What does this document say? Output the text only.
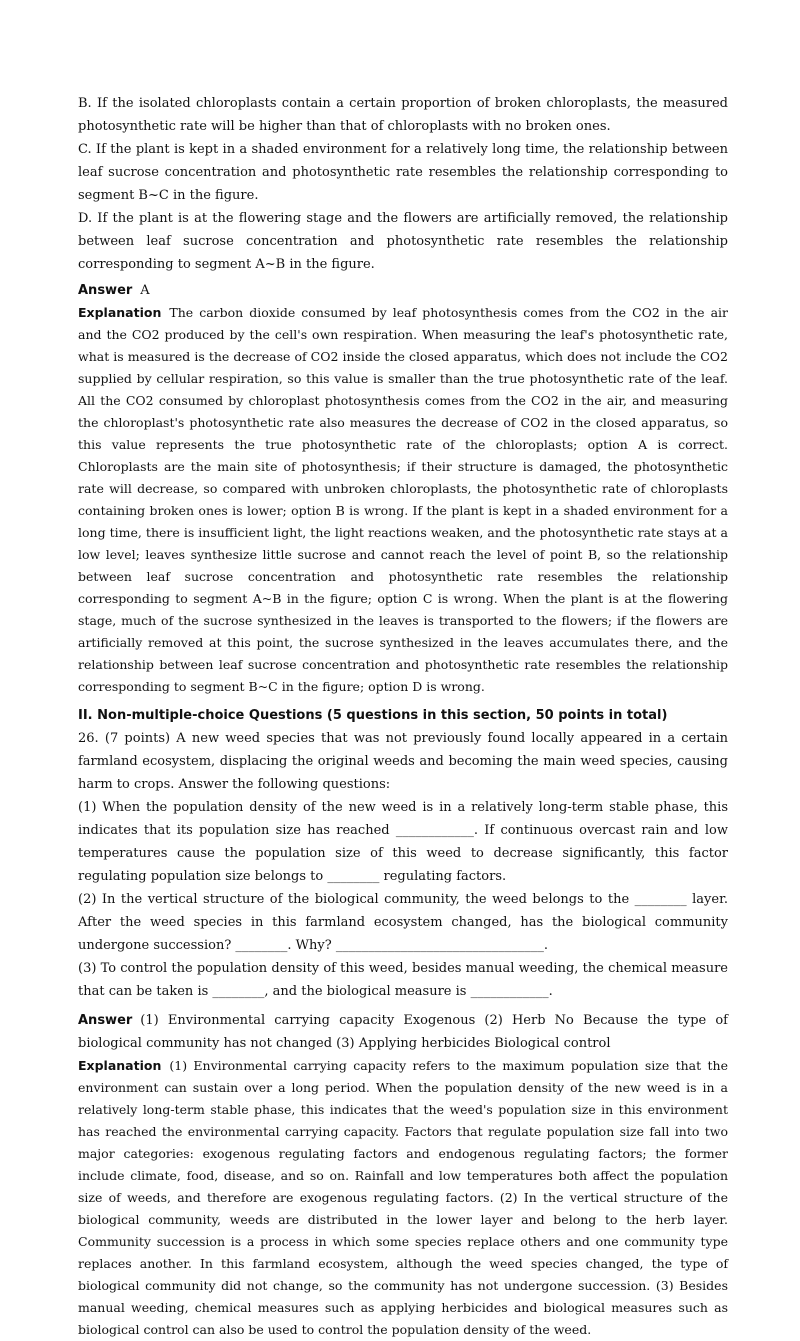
B. If the isolated chloroplasts contain a certain proportion of broken chloroplasts, the measured photosynthetic rate will be higher than that of chloroplasts with no broken ones.

C. If the plant is kept in a shaded environment for a relatively long time, the relationship between leaf sucrose concentration and photosynthetic rate resembles the relationship corresponding to segment B~C in the figure.

D. If the plant is at the flowering stage and the flowers are artificially removed, the relationship between leaf sucrose concentration and photosynthetic rate resembles the relationship corresponding to segment A~B in the figure.

Answer A

Explanation The carbon dioxide consumed by leaf photosynthesis comes from the CO2 in the air and the CO2 produced by the cell's own respiration. When measuring the leaf's photosynthetic rate, what is measured is the decrease of CO2 inside the closed apparatus, which does not include the CO2 supplied by cellular respiration, so this value is smaller than the true photosynthetic rate of the leaf. All the CO2 consumed by chloroplast photosynthesis comes from the CO2 in the air, and measuring the chloroplast's photosynthetic rate also measures the decrease of CO2 in the closed apparatus, so this value represents the true photosynthetic rate of the chloroplasts; option A is correct. Chloroplasts are the main site of photosynthesis; if their structure is damaged, the photosynthetic rate will decrease, so compared with unbroken chloroplasts, the photosynthetic rate of chloroplasts containing broken ones is lower; option B is wrong. If the plant is kept in a shaded environment for a long time, there is insufficient light, the light reactions weaken, and the photosynthetic rate stays at a low level; leaves synthesize little sucrose and cannot reach the level of point B, so the relationship between leaf sucrose concentration and photosynthetic rate resembles the relationship corresponding to segment A~B in the figure; option C is wrong. When the plant is at the flowering stage, much of the sucrose synthesized in the leaves is transported to the flowers; if the flowers are artificially removed at this point, the sucrose synthesized in the leaves accumulates there, and the relationship between leaf sucrose concentration and photosynthetic rate resembles the relationship corresponding to segment B~C in the figure; option D is wrong.

II. Non-multiple-choice Questions (5 questions in this section, 50 points in total)

26. (7 points) A new weed species that was not previously found locally appeared in a certain farmland ecosystem, displacing the original weeds and becoming the main weed species, causing harm to crops. Answer the following questions:

(1) When the population density of the new weed is in a relatively long-term stable phase, this indicates that its population size has reached ____________. If continuous overcast rain and low temperatures cause the population size of this weed to decrease significantly, this factor regulating population size belongs to ________ regulating factors.

(2) In the vertical structure of the biological community, the weed belongs to the ________ layer. After the weed species in this farmland ecosystem changed, has the biological community undergone succession? ________. Why? ________________________________.

(3) To control the population density of this weed, besides manual weeding, the chemical measure that can be taken is ________, and the biological measure is ____________.

Answer (1) Environmental carrying capacity Exogenous (2) Herb No Because the type of biological community has not changed (3) Applying herbicides Biological control

Explanation (1) Environmental carrying capacity refers to the maximum population size that the environment can sustain over a long period. When the population density of the new weed is in a relatively long-term stable phase, this indicates that the weed's population size in this environment has reached the environmental carrying capacity. Factors that regulate population size fall into two major categories: exogenous regulating factors and endogenous regulating factors; the former include climate, food, disease, and so on. Rainfall and low temperatures both affect the population size of weeds, and therefore are exogenous regulating factors. (2) In the vertical structure of the biological community, weeds are distributed in the lower layer and belong to the herb layer. Community succession is a process in which some species replace others and one community type replaces another. In this farmland ecosystem, although the weed species changed, the type of biological community did not change, so the community has not undergone succession. (3) Besides manual weeding, chemical measures such as applying herbicides and biological measures such as biological control can also be used to control the population density of the weed.
